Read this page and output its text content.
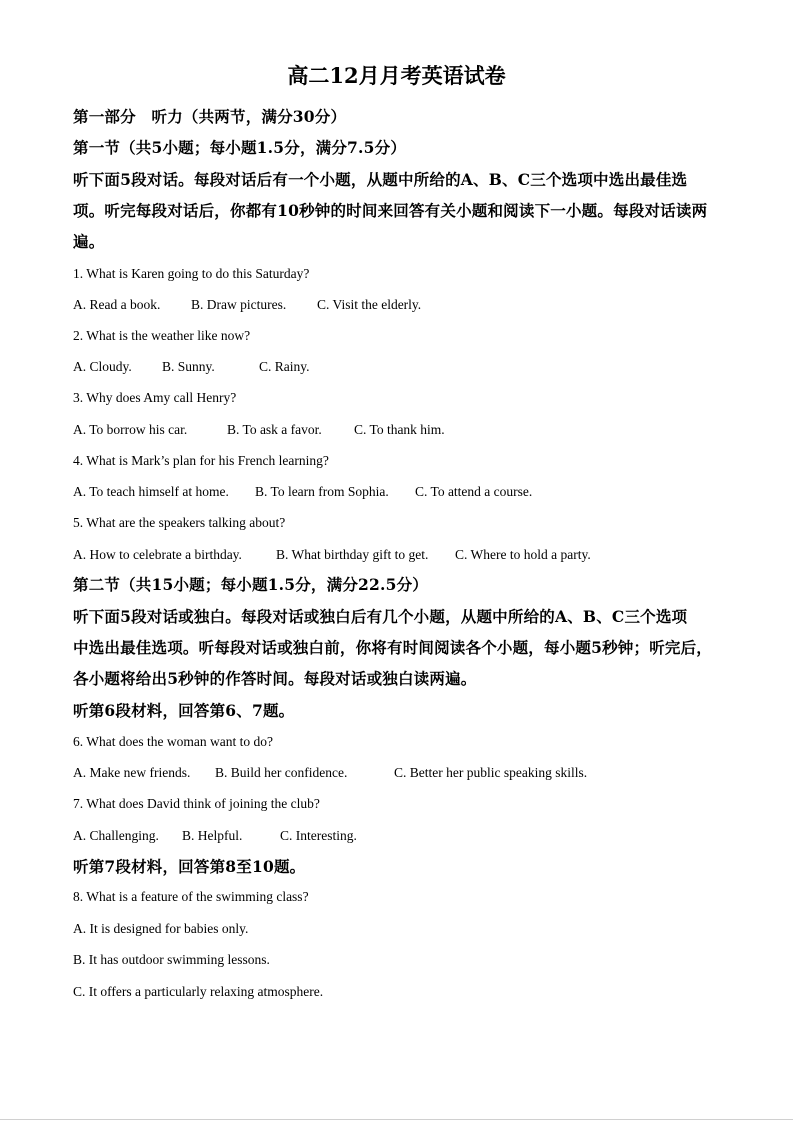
高二12月月考英语试卷
第一部分　听力（共两节，满分30分）
第一节（共5小题；每小题1.5分，满分7.5分）
听下面5段对话。每段对话后有一个小题，从题中所给的A、B、C三个选项中选出最佳选
项。听完每段对话后，你都有10秒钟的时间来回答有关小题和阅读下一小题。每段对话读两
遍。
1. What is Karen going to do this Saturday?
A. Read a book. B. Draw pictures. C. Visit the elderly.
2. What is the weather like now?
A. Cloudy. B. Sunny.	C. Rainy.
3. Why does Amy call Henry?
A. To borrow his car.	B. To ask a favor. C. To thank him.
4. What is Mark’s plan for his French learning?
A. To teach himself at home. B. To learn from Sophia. C. To attend a course.
5. What are the speakers talking about?
A. How to celebrate a birthday.	B. What birthday gift to get. C. Where to hold a party.
第二节（共15小题；每小题1.5分，满分22.5分）
听下面5段对话或独白。每段对话或独白后有几个小题，从题中所给的A、B、C三个选项
中选出最佳选项。听每段对话或独白前，你将有时间阅读各个小题，每小题5秒钟；听完后，
各小题将给出5秒钟的作答时间。每段对话或独白读两遍。
听第6段材料，回答第6、7题。
6. What does the woman want to do?
A. Make new friends. B. Build her confidence.	C. Better her public speaking skills.
7. What does David think of joining the club?
A. Challenging. B. Helpful.	C. Interesting.
听第7段材料，回答第8至10题。
8. What is a feature of the swimming class?
A. It is designed for babies only.
B. It has outdoor swimming lessons.
C. It offers a particularly relaxing atmosphere.
